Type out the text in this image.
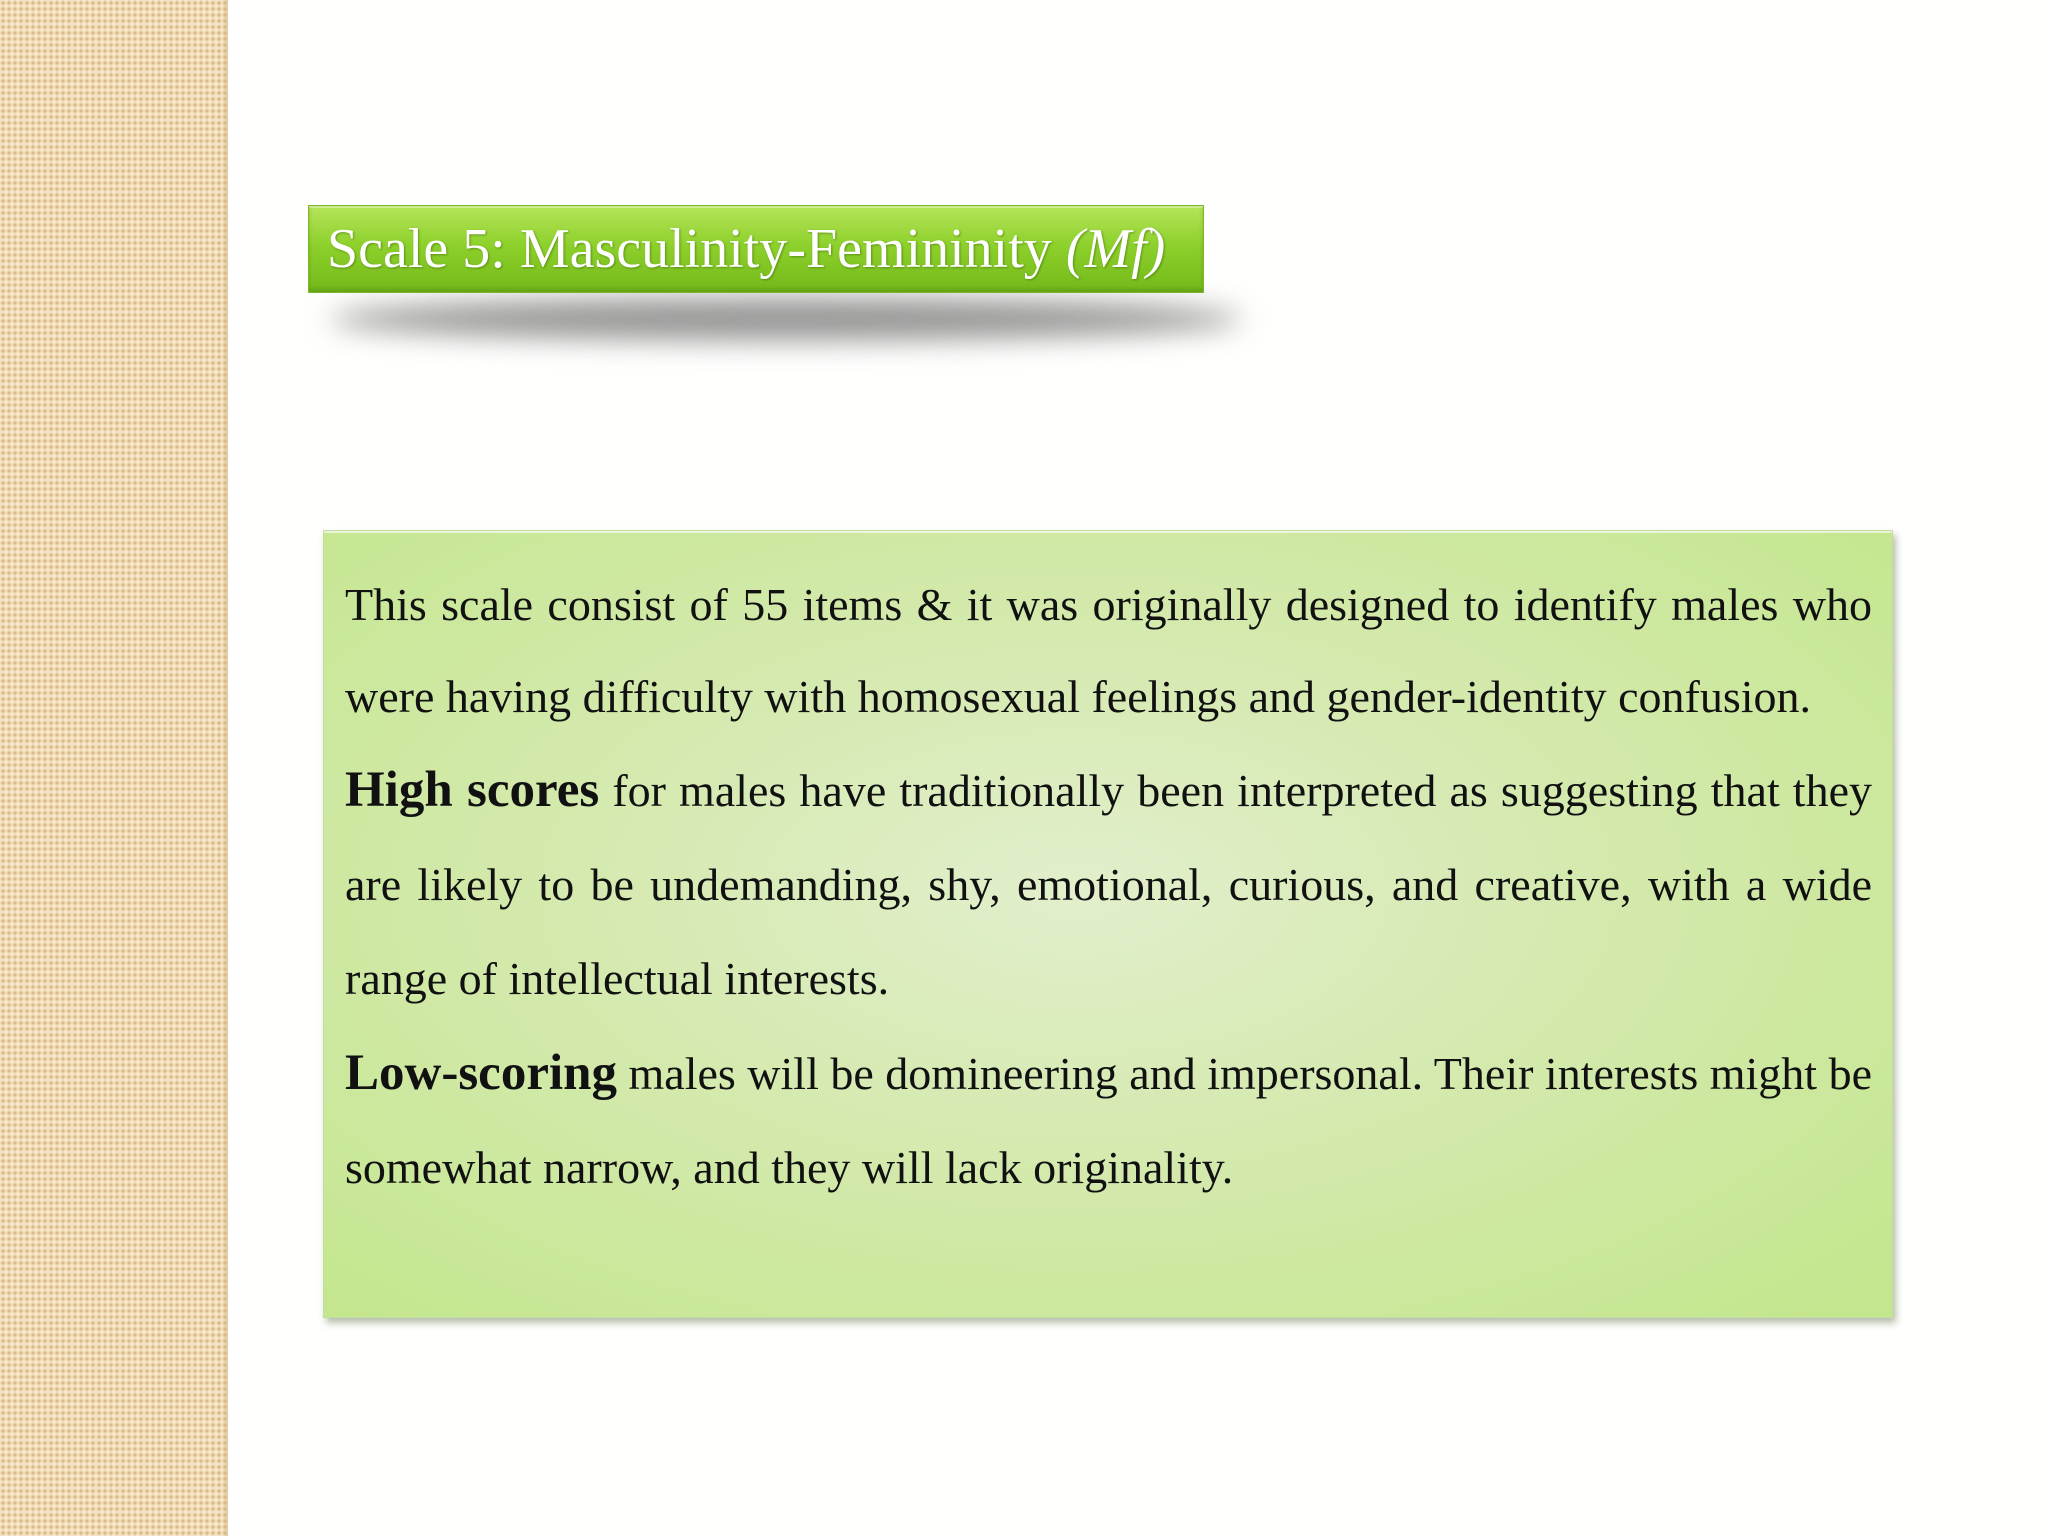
Scale 5: Masculinity-Femininity (Mf)

This scale consist of 55 items & it was originally designed to identify males who were having difficulty with homosexual feelings and gender-identity confusion.

High scores for males have traditionally been interpreted as suggesting that they are likely to be undemanding, shy, emotional, curious, and creative, with a wide range of intellectual interests.

Low-scoring males will be domineering and impersonal. Their interests might be somewhat narrow, and they will lack originality.
